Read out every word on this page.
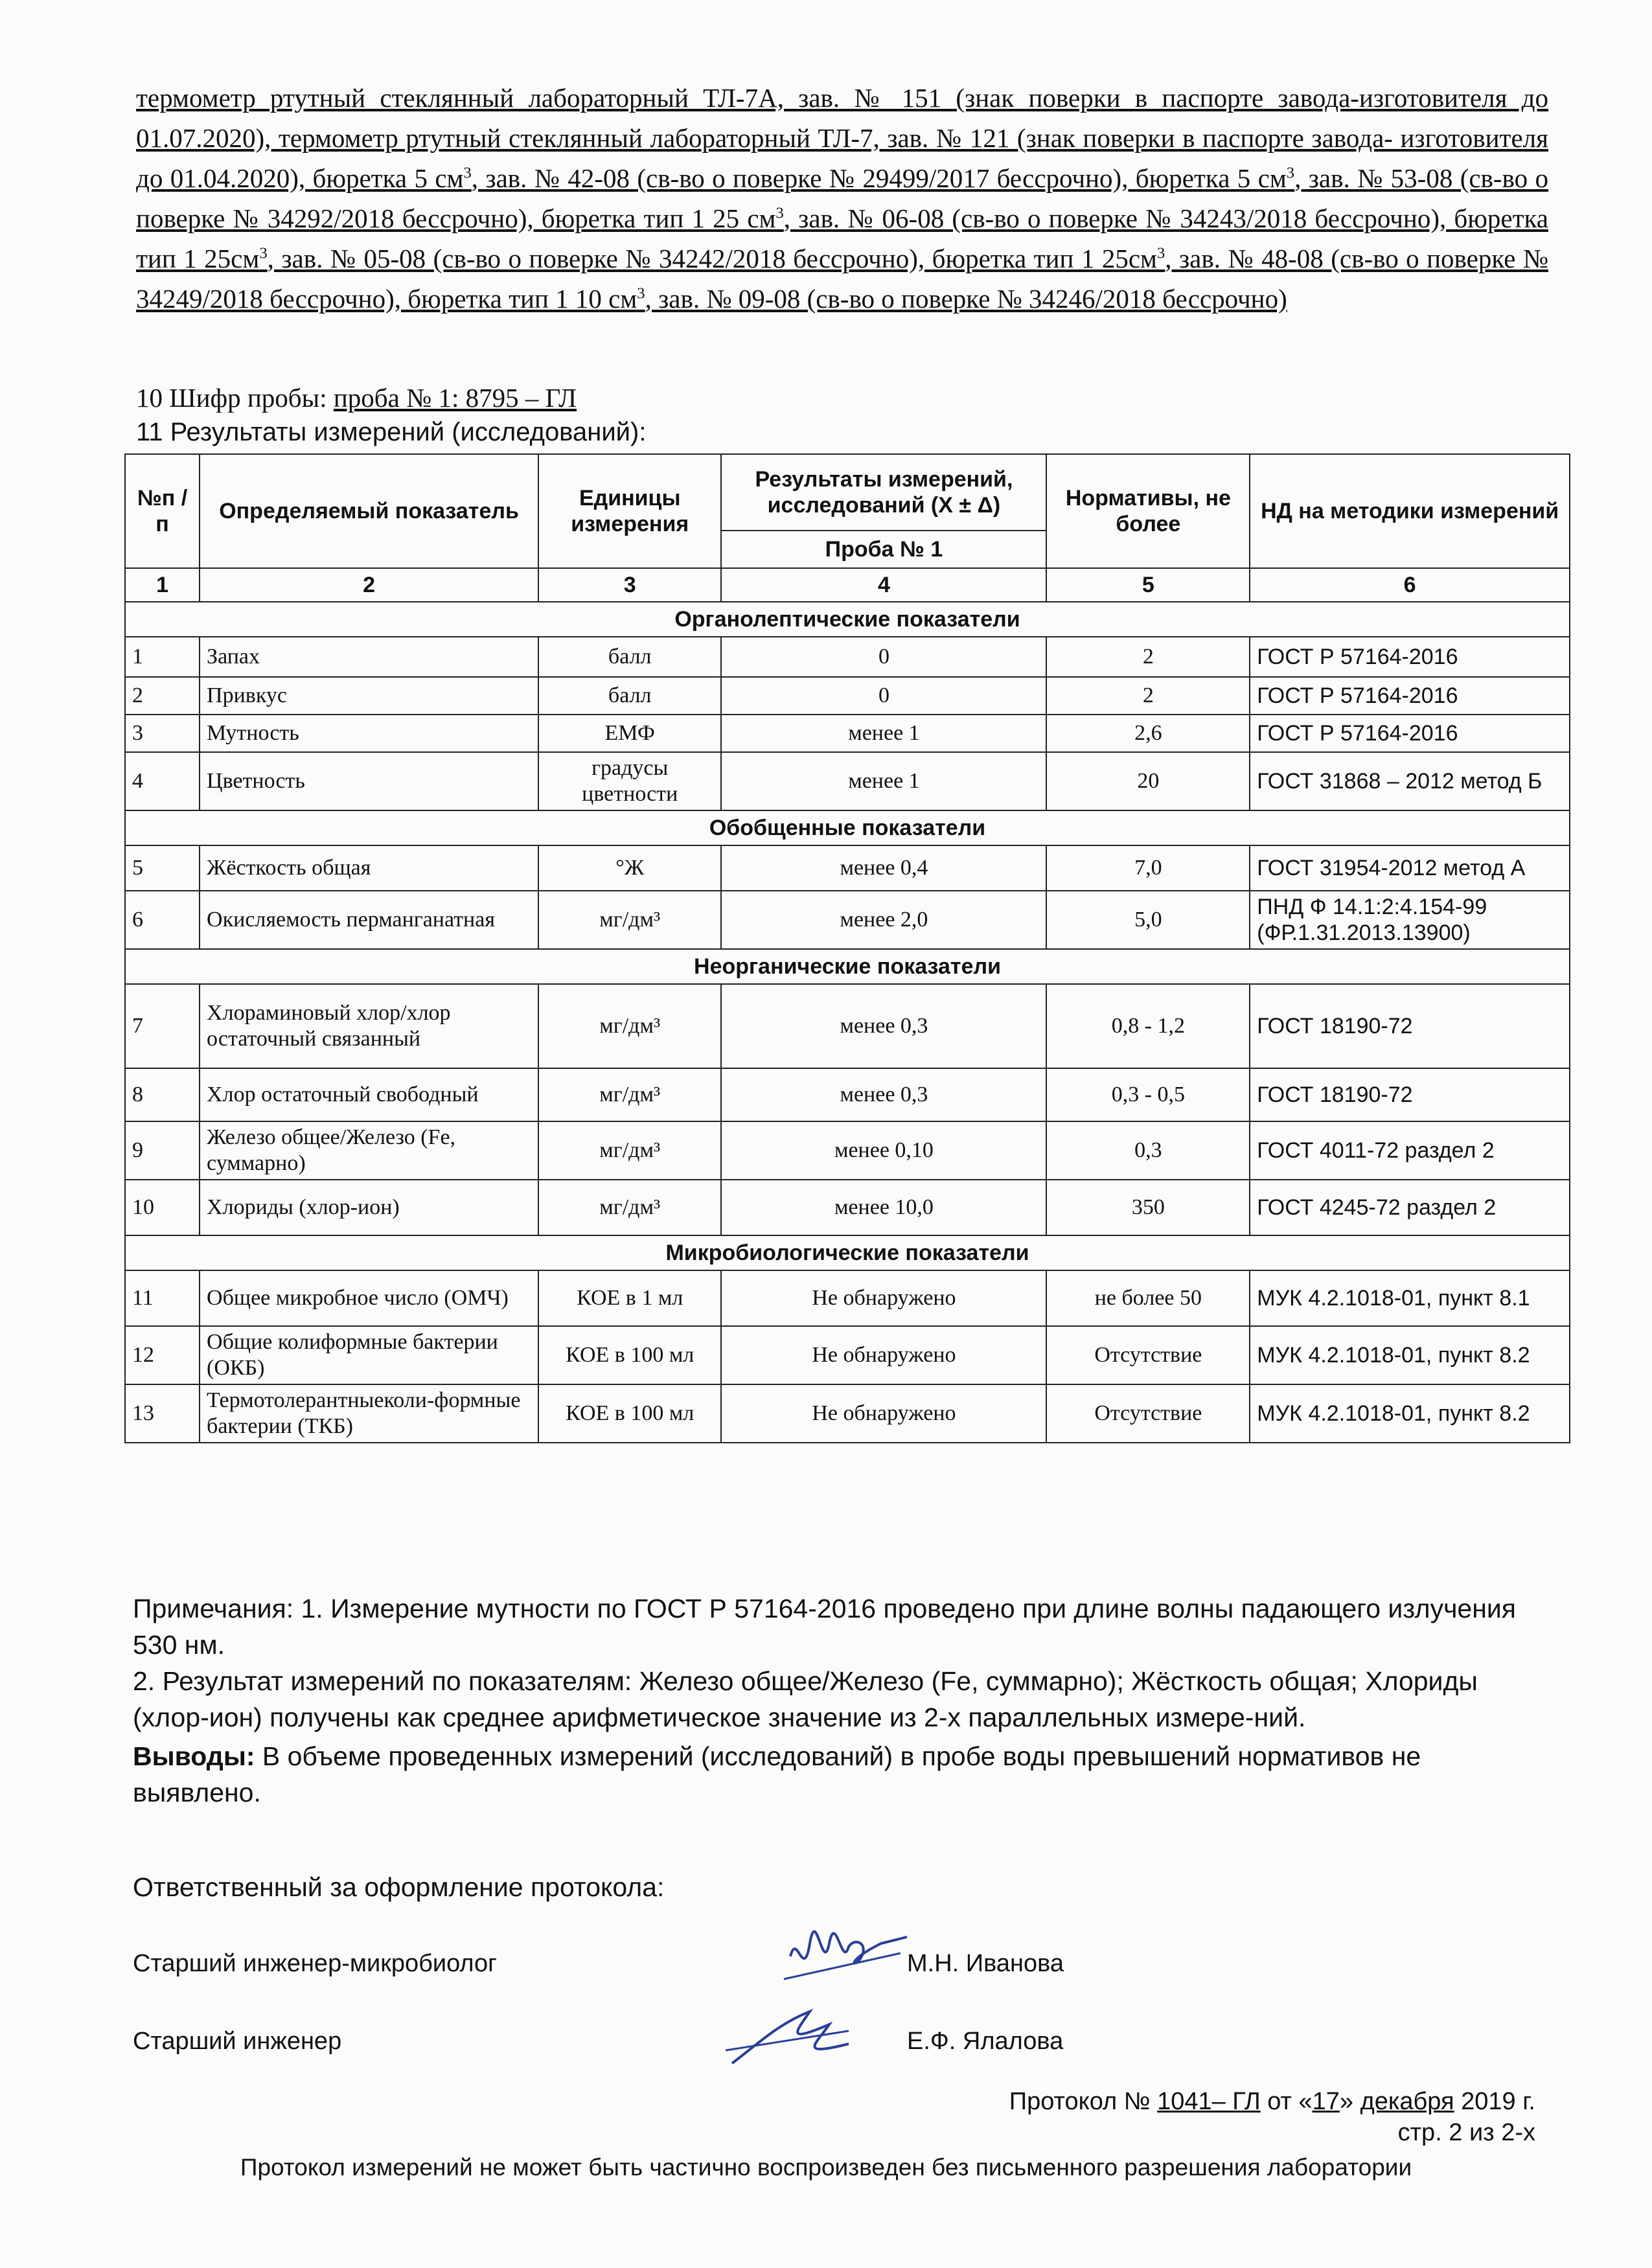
термометр ртутный стеклянный лабораторный ТЛ-7А, зав. № 151 (знак поверки в паспорте завода-изготовителя до 01.07.2020), термометр ртутный стеклянный лабораторный ТЛ-7, зав. № 121 (знак поверки в паспорте завода- изготовителя до 01.04.2020), бюретка 5 $см^3$, зав. № 42-08 (св-во о поверке № 29499/2017 бессрочно), бюретка 5 $см^3$, зав. № 53-08 (св-во о поверке № 34292/2018 бессрочно), бюретка тип 1 25 $см^3$, зав. № 06-08 (св-во о поверке № 34243/2018 бессрочно), бюретка тип 1 $25см^3$, зав. № 05-08 (св-во о поверке № 34242/2018 бессрочно), бюретка тип 1 $25см^3$, зав. № 48-08 (св-во о поверке № 34249/2018 бессрочно), бюретка тип 1 10 $см^3$, зав. № 09-08 (св-во о поверке № 34246/2018 бессрочно)
10 Шифр пробы: проба № 1: 8795 – ГЛ
11 Результаты измерений (исследований):
№п /п	Определяемый показатель	Единицы измерения	Результаты измерений, исследований (X ± Δ)	Нормативы, не более	НД на методики измерений
			Проба № 1		
1	2	3	4	5	6
Органолептические показатели					
1	Запах	балл	0	2	ГОСТ Р 57164-2016
2	Привкус	балл	0	2	ГОСТ Р 57164-2016
3	Мутность	ЕМФ	менее 1	2,6	ГОСТ Р 57164-2016
4	Цветность	градусы цветности	менее 1	20	ГОСТ 31868 – 2012 метод Б
Обобщенные показатели					
5	Жёсткость общая	°Ж	менее 0,4	7,0	ГОСТ 31954-2012 метод А
6	Окисляемость перманганатная	мг/дм³	менее 2,0	5,0	ПНД Ф 14.1:2:4.154-99 (ФР.1.31.2013.13900)
Неорганические показатели					
7	Хлораминовый хлор/хлор остаточный связанный	мг/дм³	менее 0,3	0,8 - 1,2	ГОСТ 18190-72
8	Хлор остаточный свободный	мг/дм³	менее 0,3	0,3 - 0,5	ГОСТ 18190-72
9	Железо общее/Железо (Fe, суммарно)	мг/дм³	менее 0,10	0,3	ГОСТ 4011-72 раздел 2
10	Хлориды (хлор-ион)	мг/дм³	менее 10,0	350	ГОСТ 4245-72 раздел 2
Микробиологические показатели					
11	Общее микробное число (ОМЧ)	КОЕ в 1 мл	Не обнаружено	не более 50	МУК 4.2.1018-01, пункт 8.1
12	Общие колиформные бактерии (ОКБ)	КОЕ в 100 мл	Не обнаружено	Отсутствие	МУК 4.2.1018-01, пункт 8.2
13	Термотолерантныеколи-формные бактерии (ТКБ)	КОЕ в 100 мл	Не обнаружено	Отсутствие	МУК 4.2.1018-01, пункт 8.2

Примечания: 1. Измерение мутности по ГОСТ Р 57164-2016 проведено при длине волны падающего излучения 530 нм.

2. Результат измерений по показателям: Железо общее/Железо (Fe, суммарно); Жёсткость общая; Хлориды (хлор-ион) получены как среднее арифметическое значение из 2-х параллельных измере-ний.

Выводы: В объеме проведенных измерений (исследований) в пробе воды превышений нормативов не выявлено.

Ответственный за оформление протокола:
Старший инженер-микробиолог	М.Н. Иванова
Старший инженер	Е.Ф. Ялалова
Протокол № 1041– ГЛ от «17» декабря 2019 г.
стр. 2 из 2-х
Протокол измерений не может быть частично воспроизведен без письменного разрешения лаборатории
